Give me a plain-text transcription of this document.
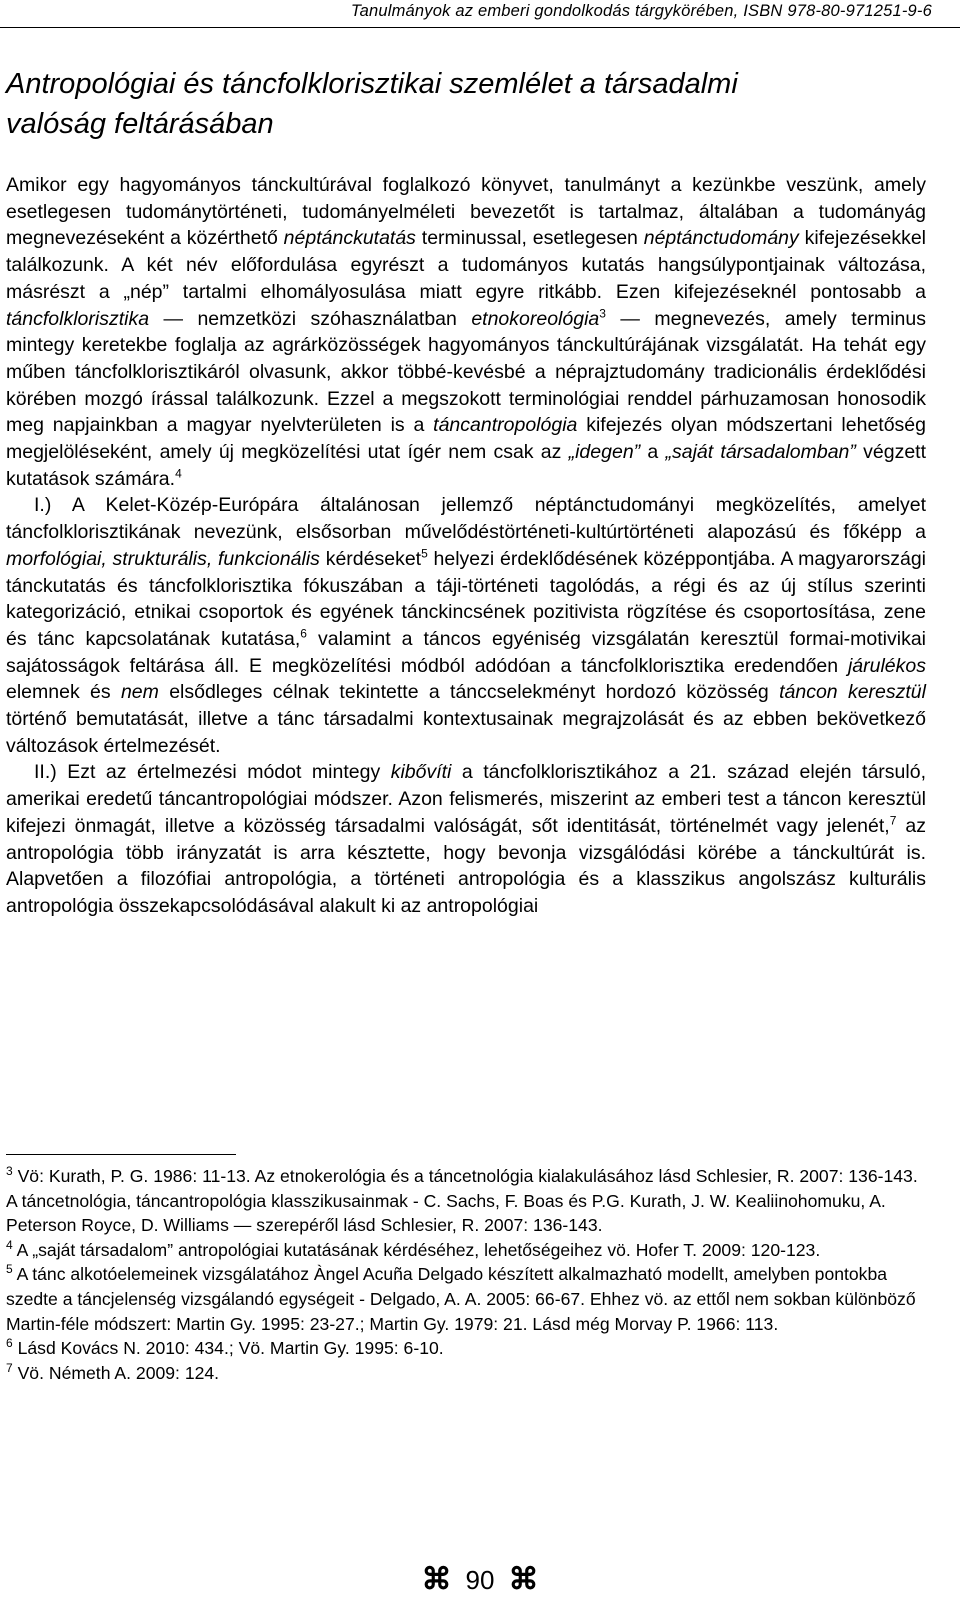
Tanulmányok az emberi gondolkodás tárgykörében, ISBN 978-80-971251-9-6
Antropológiai és táncfolklorisztikai szemlélet a társadalmi
valóság feltárásában

Amikor egy hagyományos tánckultúrával foglalkozó könyvet, tanulmányt a kezünkbe veszünk, amely esetlegesen tudománytörténeti, tudományelméleti bevezetőt is tartalmaz, általában a tudományág megnevezéseként a közérthető néptánckutatás terminussal, esetlegesen néptánctudomány kifejezésekkel találkozunk. A két név előfordulása egyrészt a tudományos kutatás hangsúlypontjainak változása, másrészt a „nép” tartalmi elhomályosulása miatt egyre ritkább. Ezen kifejezéseknél pontosabb a táncfolklorisztika — nemzetközi szóhasználatban etnokoreológia$^3$ — megnevezés, amely terminus mintegy keretekbe foglalja az agrárközösségek hagyományos tánckultúrájának vizsgálatát. Ha tehát egy műben táncfolklorisztikáról olvasunk, akkor többé-kevésbé a néprajztudomány tradicionális érdeklődési körében mozgó írással találkozunk. Ezzel a megszokott terminológiai renddel párhuzamosan honosodik meg napjainkban a magyar nyelvterületen is a táncantropológia kifejezés olyan módszertani lehetőség megjelöléseként, amely új megközelítési utat ígér nem csak az „idegen” a „saját társadalomban” végzett kutatások számára.$^4$

I.) A Kelet-Közép-Európára általánosan jellemző néptánctudományi megközelítés, amelyet táncfolklorisztikának nevezünk, elsősorban művelődéstörténeti-kultúrtörténeti alapozású és főképp a morfológiai, strukturális, funkcionális kérdéseket$^5$ helyezi érdeklődésének középpontjába. A magyarországi tánckutatás és táncfolklorisztika fókuszában a táji-történeti tagolódás, a régi és az új stílus szerinti kategorizáció, etnikai csoportok és egyének tánckincsének pozitivista rögzítése és csoportosítása, zene és tánc kapcsolatának kutatása,$^6$ valamint a táncos egyéniség vizsgálatán keresztül formai-motivikai sajátosságok feltárása áll. E megközelítési módból adódóan a táncfolklorisztika eredendően járulékos elemnek és nem elsődleges célnak tekintette a tánccselekményt hordozó közösség táncon keresztül történő bemutatását, illetve a tánc társadalmi kontextusainak megrajzolását és az ebben bekövetkező változások értelmezését.

II.) Ezt az értelmezési módot mintegy kibővíti a táncfolklorisztikához a 21. század elején társuló, amerikai eredetű táncantropológiai módszer. Azon felismerés, miszerint az emberi test a táncon keresztül kifejezi önmagát, illetve a közösség társadalmi valóságát, sőt identitását, történelmét vagy jelenét,$^7$ az antropológia több irányzatát is arra késztette, hogy bevonja vizsgálódási körébe a tánckultúrát is. Alapvetően a filozófiai antropológia, a történeti antropológia és a klasszikus angolszász kulturális antropológia összekapcsolódásával alakult ki az antropológiai

$^3$ Vö: Kurath, P. G. 1986: 11-13. Az etnokerológia és a táncetnológia kialakulásához lásd Schlesier, R. 2007: 136-143. A táncetnológia, táncantropológia klasszikusainmak - C. Sachs, F. Boas és P.G. Kurath, J. W. Kealiinohomuku, A. Peterson Royce, D. Williams — szerepéről lásd Schlesier, R. 2007: 136-143.

$^4$ A „saját társadalom” antropológiai kutatásának kérdéséhez, lehetőségeihez vö. Hofer T. 2009: 120-123.

$^5$ A tánc alkotóelemeinek vizsgálatához Àngel Acuña Delgado készített alkalmazható modellt, amelyben pontokba szedte a táncjelenség vizsgálandó egységeit - Delgado, A. A. 2005: 66-67. Ehhez vö. az ettől nem sokban különböző Martin-féle módszert: Martin Gy. 1995: 23-27.; Martin Gy. 1979: 21. Lásd még Morvay P. 1966: 113.

$^6$ Lásd Kovács N. 2010: 434.; Vö. Martin Gy. 1995: 6-10.

$^7$ Vö. Németh A. 2009: 124.

⌘ 90 ⌘
